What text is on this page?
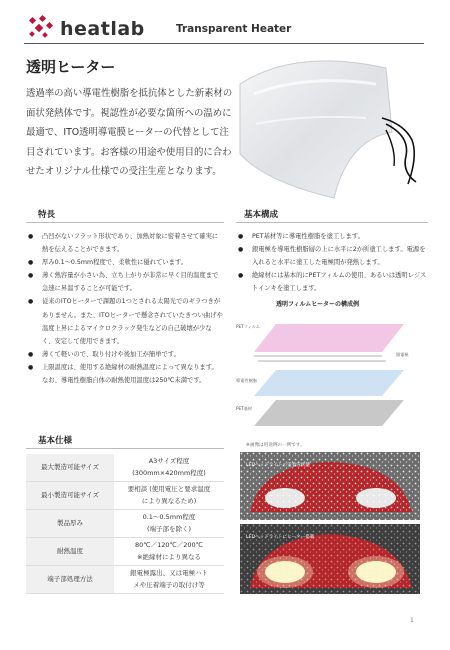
heatlab	Transparent Heater
透明ヒーター
透過率の高い導電性樹脂を抵抗体とした新素材の面状発熱体です。視認性が必要な箇所への温めに最適で、ITO透明導電膜ヒーターの代替として注目されています。お客様の用途や使用目的に合わせたオリジナル仕様での受注生産となります。
特長
● 凸凹がないフラット形状であり、加熱対象に密着させて確実に熱を伝えることができます。
● 厚み0.1～0.5mm程度で、柔軟性に優れています。
● 薄く熱容量が小さい為、立ち上がりが非常に早く目的温度まで急速に昇温することが可能です。
● 従来のITOヒーターで課題の1つとされる太陽光でのギラつきがありません。また、ITOヒーターで懸念されていたきつい曲げや温度上昇によるマイクロクラック発生などの自己破壊が少なく、安定して使用できます。
● 薄くて軽いので、取り付けや後加工が簡単です。
● 上限温度は、使用する絶縁材の耐熱温度によって異なります。なお、導電性樹脂自体の耐熱使用温度は250℃未満です。
基本構成
● PET基材等に導電性樹脂を塗工します。
● 銀電極を導電性樹脂層の上に水平に2か所塗工します。電源を入れると水平に塗工した電極間が発熱します。
● 絶縁材には基本的にPETフィルムの使用、あるいは透明レジストインキを塗工します。
透明フィルムヒーターの構成例
PETフィルム
銀電極
導電性樹脂
PET基材
基本仕様
最大製造可能サイズ	A3サイズ程度
(300mm×420mm程度)

最小製造可能サイズ	要相談 (使用電圧と要求温度
により異なるため)

製品厚み	0.1～0.5mm程度
(端子部を除く)

耐熱温度	80℃／120℃／200℃
※絶縁材により異なる

端子部処理方法	銀電極露出、又は電極ハト
メや圧着端子の取付け等
※画像は用途例の一例です。
LEDヘッドライトの雪着雪状態
LEDヘッドライトにヒーター搭載
1
